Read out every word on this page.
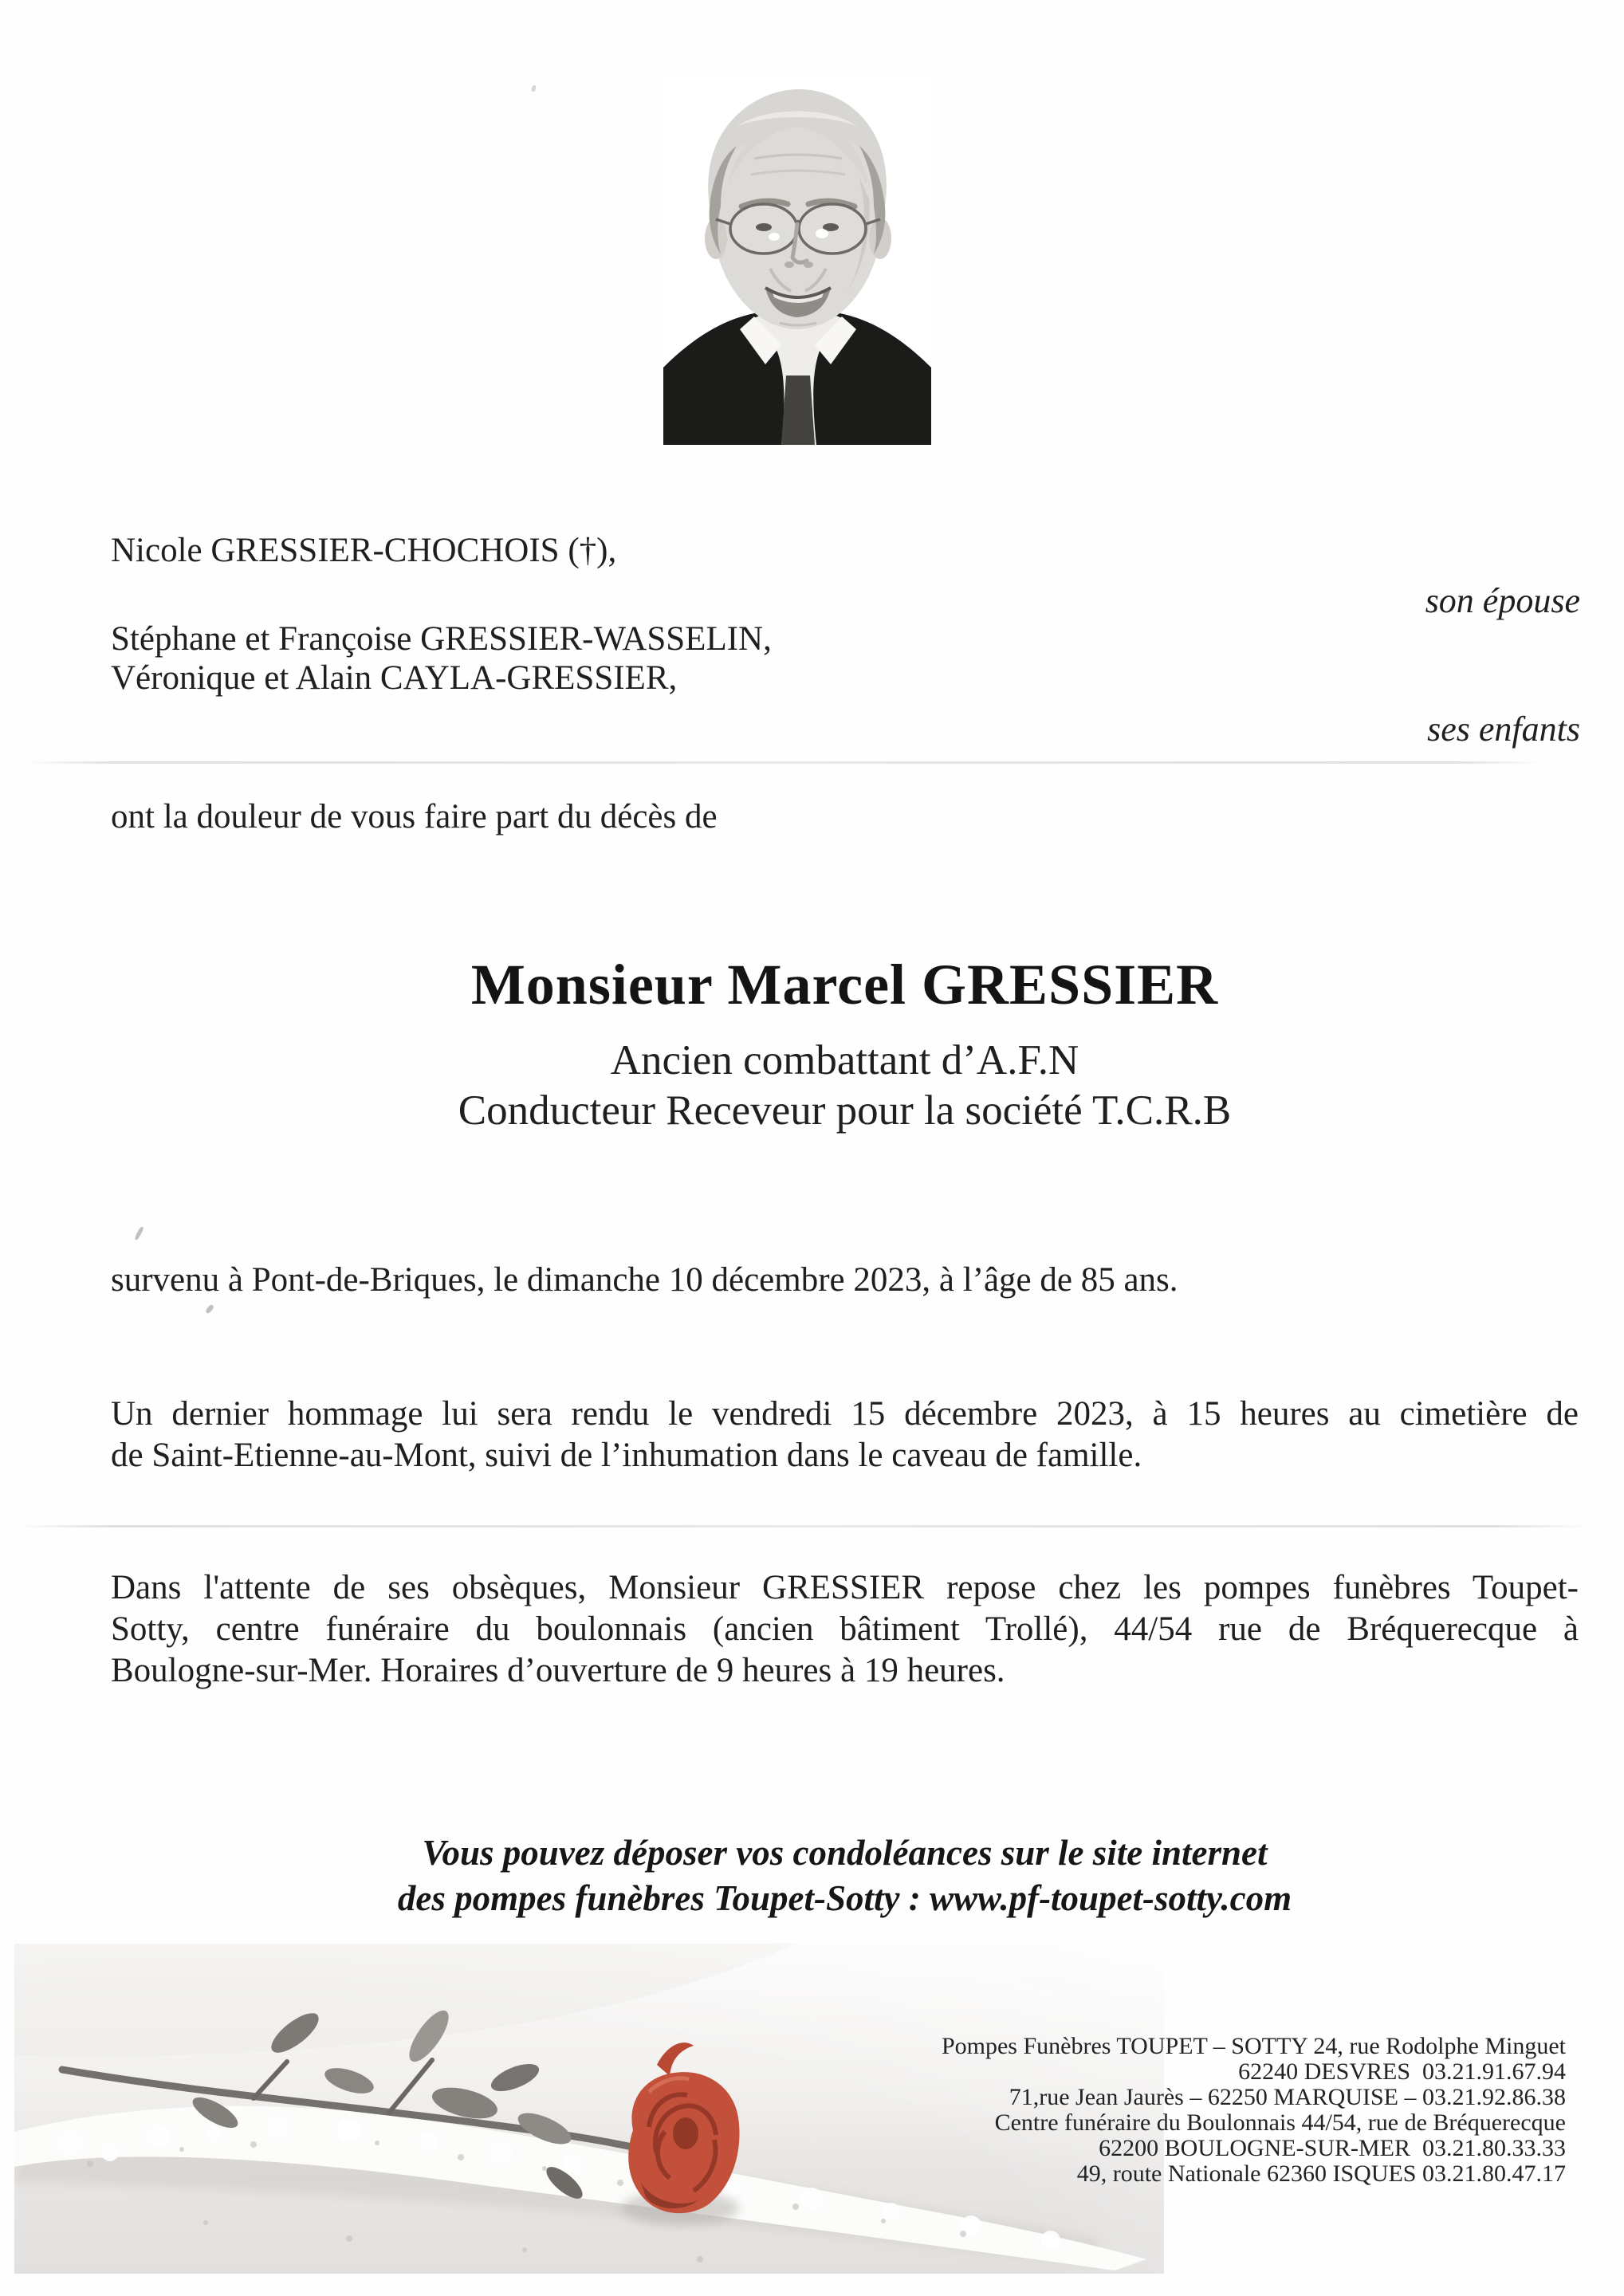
Nicole GRESSIER-CHOCHOIS (†),
son épouse
Stéphane et Françoise GRESSIER-WASSELIN,
Véronique et Alain CAYLA-GRESSIER,
ses enfants
ont la douleur de vous faire part du décès de
Monsieur Marcel GRESSIER
Ancien combattant d’A.F.N
Conducteur Receveur pour la société T.C.R.B
survenu à Pont-de-Briques, le dimanche 10 décembre 2023, à l’âge de 85 ans.
Un dernier hommage lui sera rendu le vendredi 15 décembre 2023, à 15 heures au cimetière de
de Saint-Etienne-au-Mont, suivi de l’inhumation dans le caveau de famille.
Dans l'attente de ses obsèques, Monsieur GRESSIER repose chez les pompes funèbres Toupet-
Sotty, centre funéraire du boulonnais (ancien bâtiment Trollé), 44/54 rue de Bréquerecque à
Boulogne-sur-Mer. Horaires d’ouverture de 9 heures à 19 heures.
Vous pouvez déposer vos condoléances sur le site internet
des pompes funèbres Toupet-Sotty : www.pf-toupet-sotty.com
Pompes Funèbres TOUPET – SOTTY 24, rue Rodolphe Minguet
62240 DESVRES  03.21.91.67.94
71,rue Jean Jaurès – 62250 MARQUISE – 03.21.92.86.38
Centre funéraire du Boulonnais 44/54, rue de Bréquerecque
62200 BOULOGNE-SUR-MER  03.21.80.33.33
49, route Nationale 62360 ISQUES 03.21.80.47.17
